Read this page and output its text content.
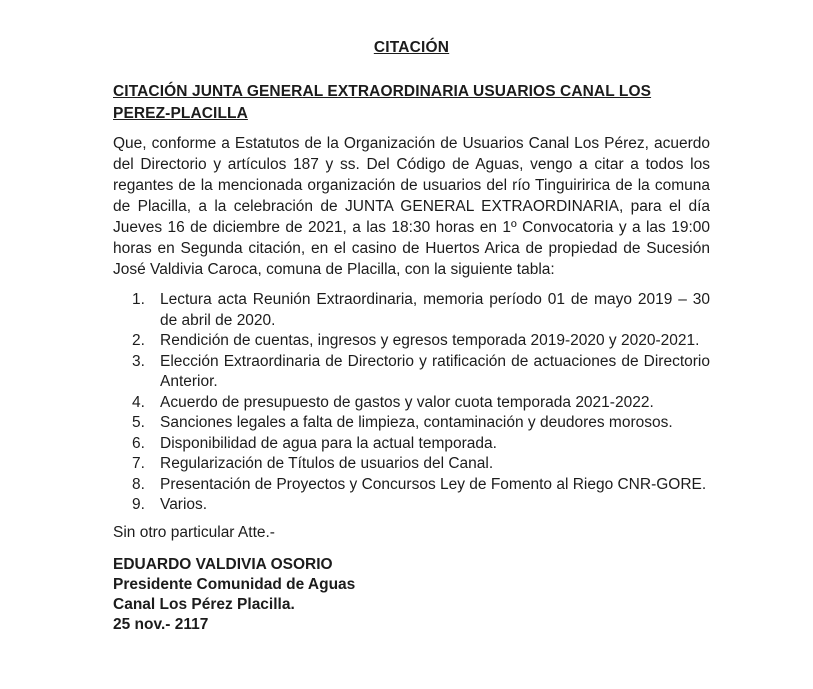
CITACIÓN
CITACIÓN JUNTA GENERAL EXTRAORDINARIA USUARIOS CANAL LOS PEREZ-PLACILLA

Que, conforme a Estatutos de la Organización de Usuarios Canal Los Pérez, acuerdo del Directorio y artículos 187 y ss. Del Código de Aguas, vengo a citar a todos los regantes de la mencionada organización de usuarios del río Tinguiririca de la comuna de Placilla, a la celebración de JUNTA GENERAL EXTRAORDINARIA, para el día Jueves 16 de diciembre de 2021, a las 18:30 horas en 1º Convocatoria y a las 19:00 horas en Segunda citación, en el casino de Huertos Arica de propiedad de Sucesión José Valdivia Caroca, comuna de Placilla, con la siguiente tabla:

1. Lectura acta Reunión Extraordinaria, memoria período 01 de mayo 2019 – 30 de abril de 2020.
2. Rendición de cuentas, ingresos y egresos temporada 2019-2020 y 2020-2021.
3. Elección Extraordinaria de Directorio y ratificación de actuaciones de Directorio Anterior.
4. Acuerdo de presupuesto de gastos y valor cuota temporada 2021-2022.
5. Sanciones legales a falta de limpieza, contaminación y deudores morosos.
6. Disponibilidad de agua para la actual temporada.
7. Regularización de Títulos de usuarios del Canal.
8. Presentación de Proyectos y Concursos Ley de Fomento al Riego CNR-GORE.
9. Varios.

Sin otro particular Atte.-

EDUARDO VALDIVIA OSORIO
Presidente Comunidad de Aguas
Canal Los Pérez Placilla.
25 nov.- 2117
